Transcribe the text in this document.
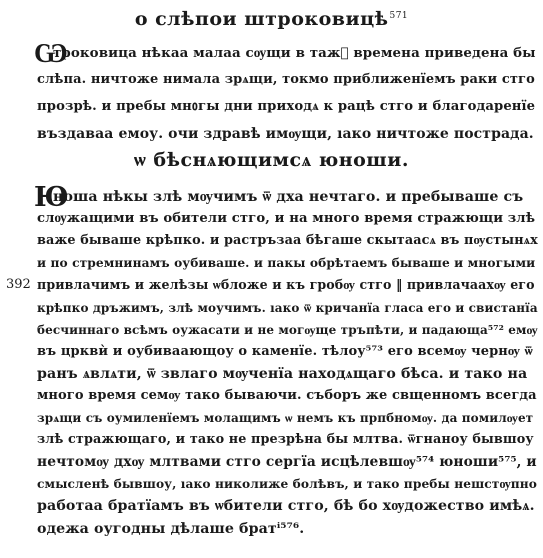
о слѣпои штроковицѣ$^{571}$
Ѡ
троковица нѣкаа малаа сѹщи в тажⷤ времена приведена бы
слѣпа. ничтоже нимала зрѧщи, токмо приближенїемъ раки стго
прозрѣ. и пребы мнᲂгы дни приходѧ к рацѣ стго и благодаренїе
въздаваа емоу. очи здравѣ имѹщи, ıако ничтоже пострада.
ѡ бѣснѧющимсѧ юноши.
Ю
392
ноша нѣкы злѣ мѹчимъ ѿ дха нечтаго. и пребываше съ
слѹжащими въ обители стго, и на много время стражющи злѣ
важе бываше крѣпко. и растръзаа бѣгаше скытаасѧ въ пѹстынѧх
и по стремнинамъ оубиваше. и пакы обрѣтаемъ бываше и многыми
привлачимъ и желѣзы ѡбложе и къ гробѹ стго ‖ привлачаахѹ его
крѣпко дръжимъ, злѣ моучимъ. ıако ѿ кричанїа гласа его и свистанїа
бесчиннаго всѣмъ оужасати и не могѹще тръпѣти, и падающа⁵⁷² емѹ
въ црквѝ и оубиваающоу о каменїе. тѣлоу⁵⁷³ его всемѹ чернѹ ѿ
ранъ ѧвлѧти, ѿ звлаго мѹченїа находѧщаго бѣса. и тако на
много время семѹ тако бываючи. съборъ же свщенномъ всегда
зрѧщи съ оумиленїемъ молащимъ ѡ немъ къ прпбномѹ. да помилѹет
злѣ стражющаго, и тако не презрѣна бы млтва. ѿгнаноу бывшоу
нечтомѹ дхѹ млтвами стго сергїа исцѣлевшѹ⁵⁷⁴ юноши⁵⁷⁵, и
смысленѣ бывшоу, ıако николиже болѣвъ, и тако пребы нешстѹпно
работаа братїамъ въ ѡбители стго, бѣ бо хѹдожество имѣѧ.
одежа оугодны дѣлаше братⁱ⁵⁷⁶.
